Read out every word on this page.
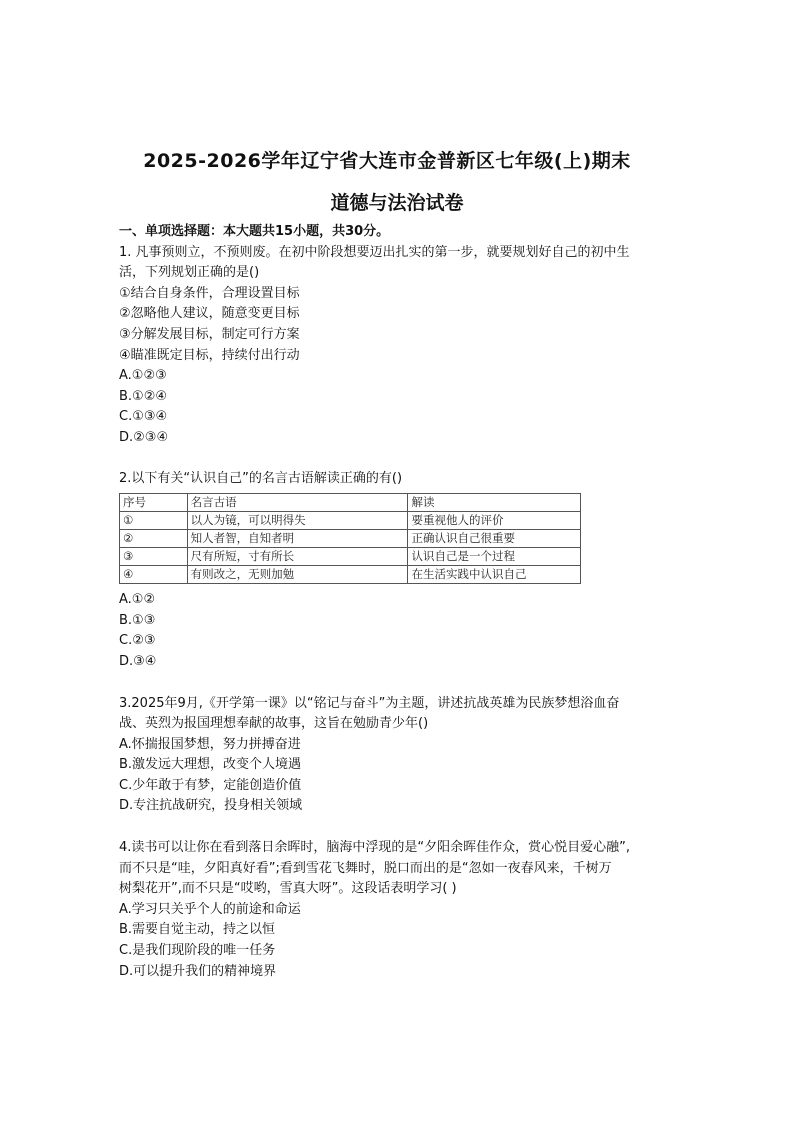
2025-2026学年辽宁省大连市金普新区七年级(上)期末
道德与法治试卷
一、单项选择题：本大题共15小题，共30分。
1. 凡事预则立，不预则废。在初中阶段想要迈出扎实的第一步，就要规划好自己的初中生
活，下列规划正确的是()
①结合自身条件，合理设置目标
②忽略他人建议，随意变更目标
③分解发展目标，制定可行方案
④瞄准既定目标，持续付出行动
A.①②③
B.①②④
C.①③④
D.②③④
2.以下有关“认识自己”的名言古语解读正确的有()
序号	名言古语	解读
①	以人为镜，可以明得失	要重视他人的评价
②	知人者智，自知者明	正确认识自己很重要
③	尺有所短，寸有所长	认识自己是一个过程
④	有则改之，无则加勉	在生活实践中认识自己
A.①②
B.①③
C.②③
D.③④
3.2025年9月,《开学第一课》以“铭记与奋斗”为主题，讲述抗战英雄为民族梦想浴血奋
战、英烈为报国理想奉献的故事，这旨在勉励青少年()
A.怀揣报国梦想，努力拼搏奋进
B.激发远大理想，改变个人境遇
C.少年敢于有梦，定能创造价值
D.专注抗战研究，投身相关领域
4.读书可以让你在看到落日余晖时，脑海中浮现的是“夕阳余晖佳作众，赏心悦目爱心融”,
而不只是“哇，夕阳真好看”;看到雪花飞舞时，脱口而出的是“忽如一夜春风来，千树万
树梨花开”,而不只是“哎哟，雪真大呀”。这段话表明学习( )
A.学习只关乎个人的前途和命运
B.需要自觉主动，持之以恒
C.是我们现阶段的唯一任务
D.可以提升我们的精神境界
